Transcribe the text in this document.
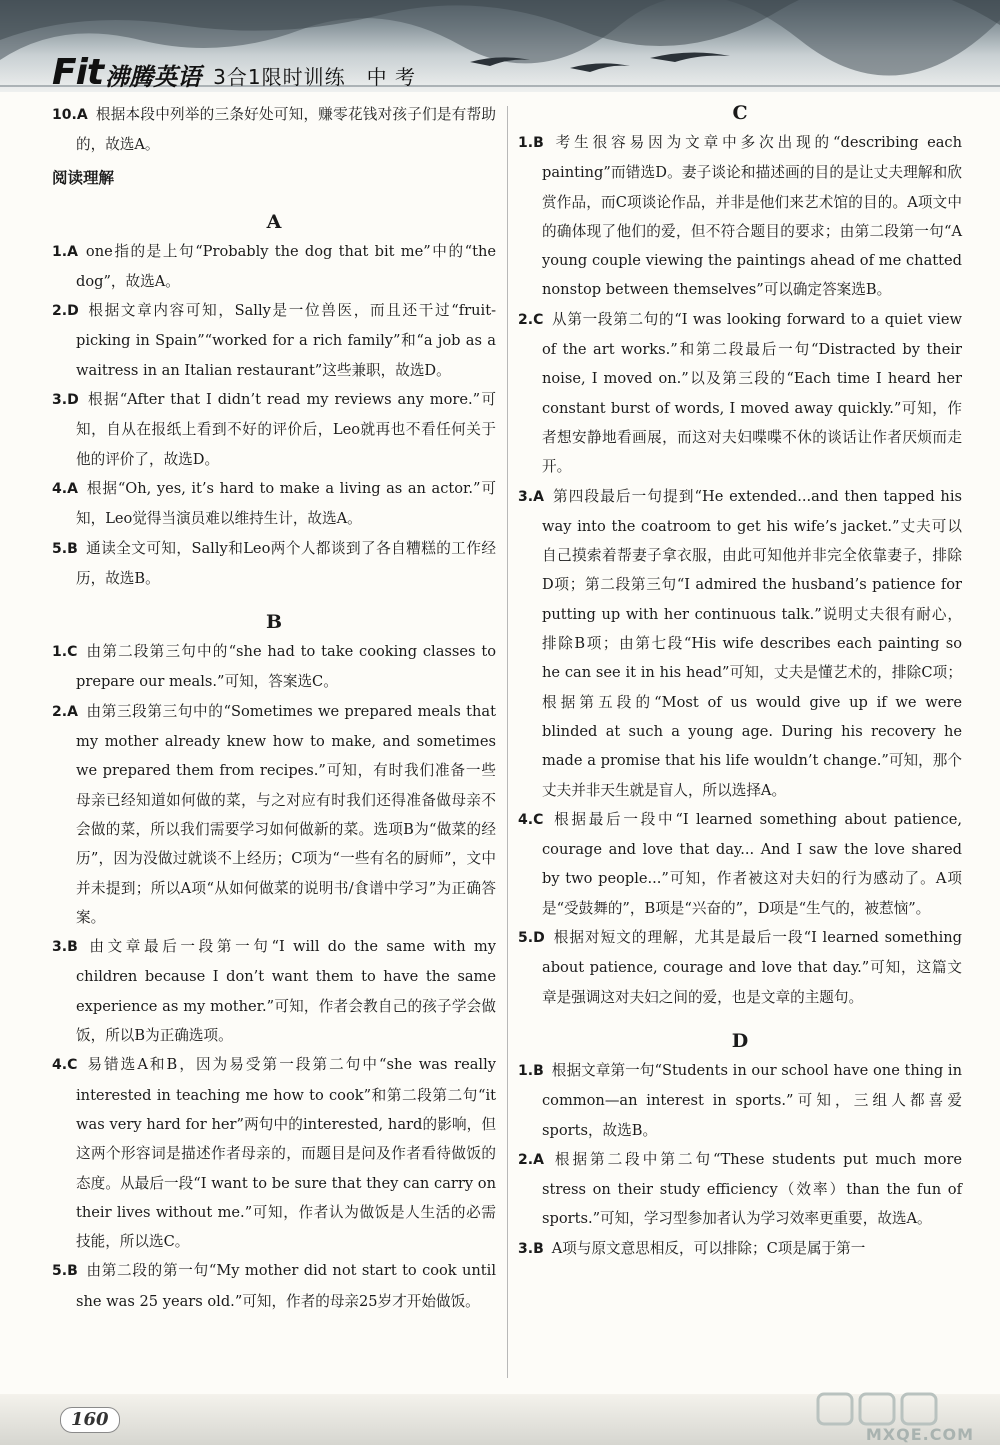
Fit 沸腾英语 3合1限时训练　中 考
10.A 根据本段中列举的三条好处可知，赚零花钱对孩子们是有帮助的，故选A。
阅读理解
A
1.A one指的是上句“Probably the dog that bit me”中的“the dog”，故选A。
2.D 根据文章内容可知，Sally是一位兽医，而且还干过“fruit-picking in Spain”“worked for a rich family”和“a job as a waitress in an Italian restaurant”这些兼职，故选D。
3.D 根据“After that I didn’t read my reviews any more.”可知，自从在报纸上看到不好的评价后，Leo就再也不看任何关于他的评价了，故选D。
4.A 根据“Oh, yes, it’s hard to make a living as an actor.”可知，Leo觉得当演员难以维持生计，故选A。
5.B 通读全文可知，Sally和Leo两个人都谈到了各自糟糕的工作经历，故选B。
B
1.C 由第二段第三句中的“she had to take cooking classes to prepare our meals.”可知，答案选C。
2.A 由第三段第三句中的“Sometimes we prepared meals that my mother already knew how to make, and sometimes we prepared them from recipes.”可知，有时我们准备一些母亲已经知道如何做的菜，与之对应有时我们还得准备做母亲不会做的菜，所以我们需要学习如何做新的菜。选项B为“做菜的经历”，因为没做过就谈不上经历；C项为“一些有名的厨师”，文中并未提到；所以A项“从如何做菜的说明书/食谱中学习”为正确答案。
3.B 由文章最后一段第一句“I will do the same with my children because I don’t want them to have the same experience as my mother.”可知，作者会教自己的孩子学会做饭，所以B为正确选项。
4.C 易错选A和B，因为易受第一段第二句中“she was really interested in teaching me how to cook”和第二段第二句“it was very hard for her”两句中的interested, hard的影响，但这两个形容词是描述作者母亲的，而题目是问及作者看待做饭的态度。从最后一段“I want to be sure that they can carry on their lives without me.”可知，作者认为做饭是人生活的必需技能，所以选C。
5.B 由第二段的第一句“My mother did not start to cook until she was 25 years old.”可知，作者的母亲25岁才开始做饭。
C
1.B 考生很容易因为文章中多次出现的“describing each painting”而错选D。妻子谈论和描述画的目的是让丈夫理解和欣赏作品，而C项谈论作品，并非是他们来艺术馆的目的。A项文中的确体现了他们的爱，但不符合题目的要求；由第二段第一句“A young couple viewing the paintings ahead of me chatted nonstop between themselves”可以确定答案选B。
2.C 从第一段第二句的“I was looking forward to a quiet view of the art works.”和第二段最后一句“Distracted by their noise, I moved on.”以及第三段的“Each time I heard her constant burst of words, I moved away quickly.”可知，作者想安静地看画展，而这对夫妇喋喋不休的谈话让作者厌烦而走开。
3.A 第四段最后一句提到“He extended...and then tapped his way into the coatroom to get his wife’s jacket.”丈夫可以自己摸索着帮妻子拿衣服，由此可知他并非完全依靠妻子，排除D项；第二段第三句“I admired the husband’s patience for putting up with her continuous talk.”说明丈夫很有耐心，排除B项；由第七段“His wife describes each painting so he can see it in his head”可知，丈夫是懂艺术的，排除C项；根据第五段的“Most of us would give up if we were blinded at such a young age. During his recovery he made a promise that his life wouldn’t change.”可知，那个丈夫并非天生就是盲人，所以选择A。
4.C 根据最后一段中“I learned something about patience, courage and love that day... And I saw the love shared by two people...”可知，作者被这对夫妇的行为感动了。A项是“受鼓舞的”，B项是“兴奋的”，D项是“生气的，被惹恼”。
5.D 根据对短文的理解，尤其是最后一段“I learned something about patience, courage and love that day.”可知，这篇文章是强调这对夫妇之间的爱，也是文章的主题句。
D
1.B 根据文章第一句“Students in our school have one thing in common—an interest in sports.”可知，三组人都喜爱sports，故选B。
2.A 根据第二段中第二句“These students put much more stress on their study efficiency（效率）than the fun of sports.”可知，学习型参加者认为学习效率更重要，故选A。
3.B A项与原文意思相反，可以排除；C项是属于第一
160
MXQE.COM
